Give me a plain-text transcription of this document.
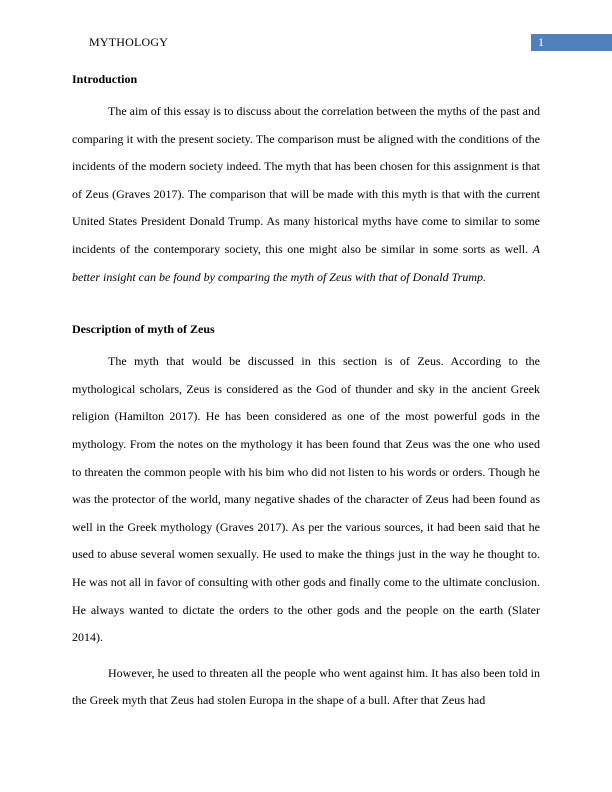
MYTHOLOGY	1
Introduction

The aim of this essay is to discuss about the correlation between the myths of the past and comparing it with the present society. The comparison must be aligned with the conditions of the incidents of the modern society indeed. The myth that has been chosen for this assignment is that of Zeus (Graves 2017). The comparison that will be made with this myth is that with the current United States President Donald Trump. As many historical myths have come to similar to some incidents of the contemporary society, this one might also be similar in some sorts as well. A better insight can be found by comparing the myth of Zeus with that of Donald Trump.

Description of myth of Zeus

The myth that would be discussed in this section is of Zeus. According to the mythological scholars, Zeus is considered as the God of thunder and sky in the ancient Greek religion (Hamilton 2017). He has been considered as one of the most powerful gods in the mythology. From the notes on the mythology it has been found that Zeus was the one who used to threaten the common people with his bim who did not listen to his words or orders. Though he was the protector of the world, many negative shades of the character of Zeus had been found as well in the Greek mythology (Graves 2017). As per the various sources, it had been said that he used to abuse several women sexually. He used to make the things just in the way he thought to. He was not all in favor of consulting with other gods and finally come to the ultimate conclusion. He always wanted to dictate the orders to the other gods and the people on the earth (Slater 2014).

However, he used to threaten all the people who went against him. It has also been told in the Greek myth that Zeus had stolen Europa in the shape of a bull. After that Zeus had
